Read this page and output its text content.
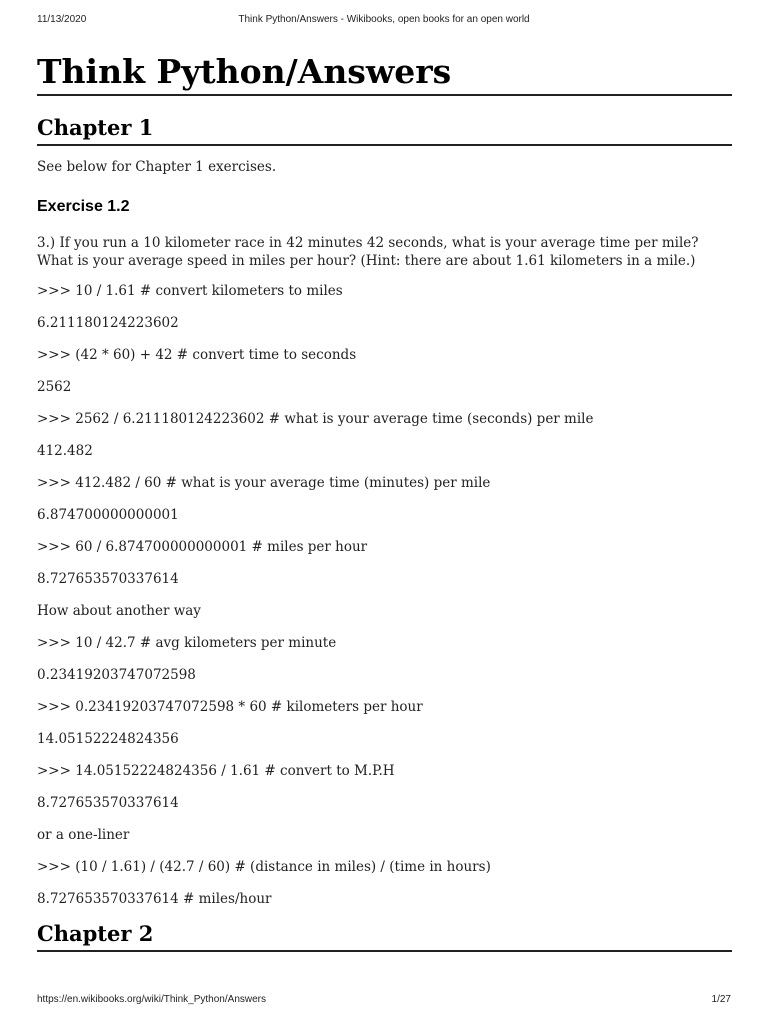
11/13/2020	Think Python/Answers - Wikibooks, open books for an open world
Think Python/Answers
Chapter 1

See below for Chapter 1 exercises.

Exercise 1.2

3.) If you run a 10 kilometer race in 42 minutes 42 seconds, what is your average time per mile? What is your average speed in miles per hour? (Hint: there are about 1.61 kilometers in a mile.)

>>> 10 / 1.61 # convert kilometers to miles

6.211180124223602

>>> (42 * 60) + 42 # convert time to seconds

2562

>>> 2562 / 6.211180124223602 # what is your average time (seconds) per mile

412.482

>>> 412.482 / 60 # what is your average time (minutes) per mile

6.874700000000001

>>> 60 / 6.874700000000001 # miles per hour

8.727653570337614

How about another way

>>> 10 / 42.7 # avg kilometers per minute

0.23419203747072598

>>> 0.23419203747072598 * 60 # kilometers per hour

14.05152224824356

>>> 14.05152224824356 / 1.61 # convert to M.P.H

8.727653570337614

or a one-liner

>>> (10 / 1.61) / (42.7 / 60) # (distance in miles) / (time in hours)

8.727653570337614 # miles/hour

Chapter 2
https://en.wikibooks.org/wiki/Think_Python/Answers	1/27
